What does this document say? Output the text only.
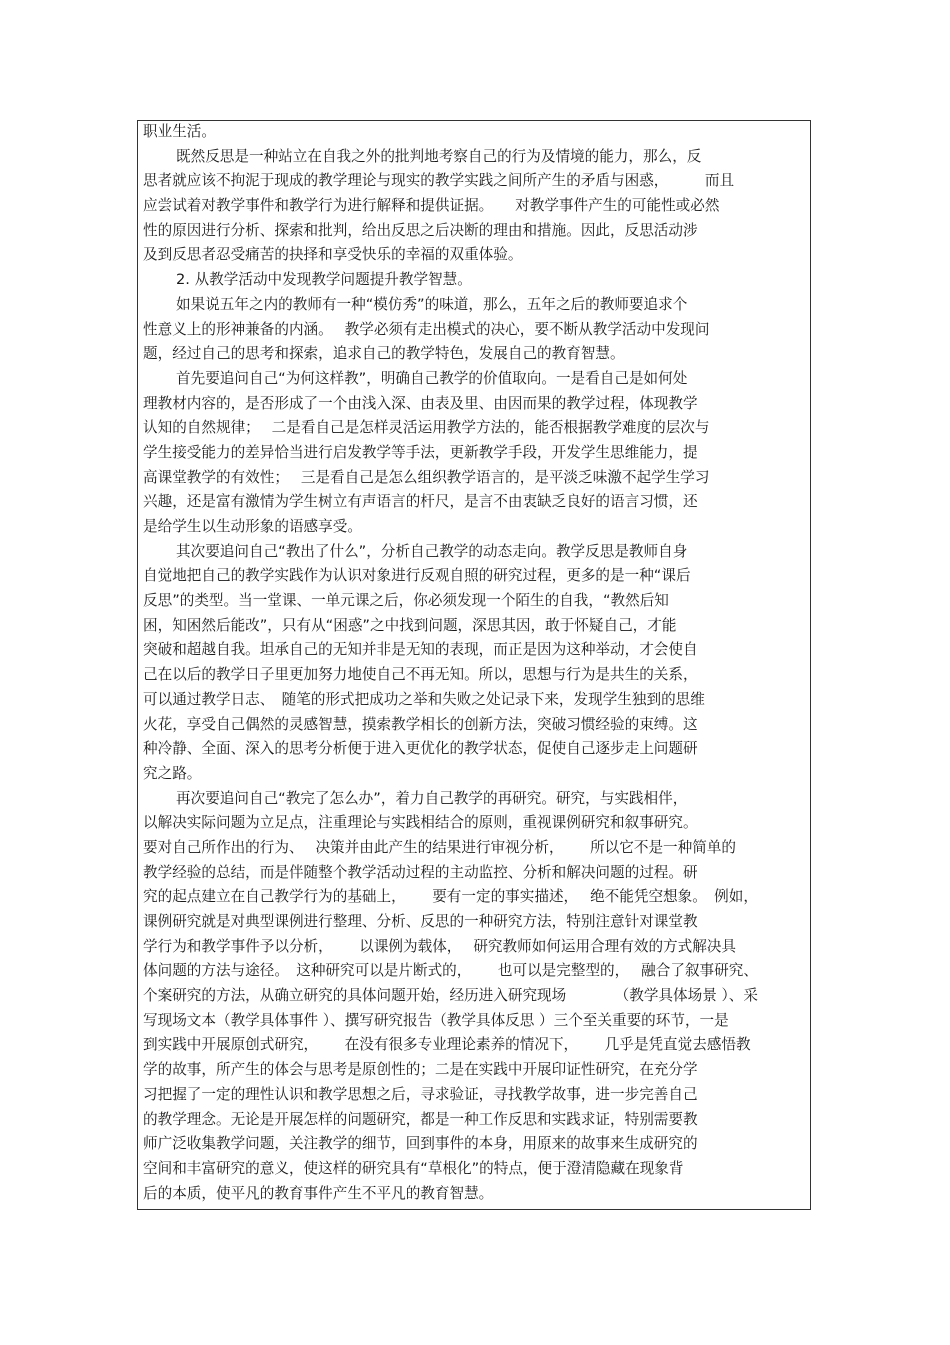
职业生活。
既然反思是一种站立在自我之外的批判地考察自己的行为及情境的能力，那么，反
思者就应该不拘泥于现成的教学理论与现实的教学实践之间所产生的矛盾与困惑，　　　而且
应尝试着对教学事件和教学行为进行解释和提供证据。　　对教学事件产生的可能性或必然
性的原因进行分析、探索和批判，给出反思之后决断的理由和措施。因此，反思活动涉
及到反思者忍受痛苦的抉择和享受快乐的幸福的双重体验。
2. 从教学活动中发现教学问题提升教学智慧。
如果说五年之内的教师有一种“模仿秀”的味道，那么，五年之后的教师要追求个
性意义上的形神兼备的内涵。　 教学必须有走出模式的决心，要不断从教学活动中发现问
题，经过自己的思考和探索，追求自己的教学特色，发展自己的教育智慧。
首先要追问自己“为何这样教”，明确自己教学的价值取向。一是看自己是如何处
理教材内容的，是否形成了一个由浅入深、由表及里、由因而果的教学过程，体现教学
认知的自然规律；　 二是看自己是怎样灵活运用教学方法的，能否根据教学难度的层次与
学生接受能力的差异恰当进行启发教学等手法，更新教学手段，开发学生思维能力，提
高课堂教学的有效性；　 三是看自己是怎么组织教学语言的，是平淡乏味激不起学生学习
兴趣，还是富有激情为学生树立有声语言的杆尺，是言不由衷缺乏良好的语言习惯，还
是给学生以生动形象的语感享受。
其次要追问自己“教出了什么”，分析自己教学的动态走向。教学反思是教师自身
自觉地把自己的教学实践作为认识对象进行反观自照的研究过程，更多的是一种“课后
反思”的类型。当一堂课、一单元课之后，你必须发现一个陌生的自我，“教然后知
困，知困然后能改”，只有从“困惑”之中找到问题，深思其因，敢于怀疑自己，才能
突破和超越自我。坦承自己的无知并非是无知的表现，而正是因为这种举动，才会使自
己在以后的教学日子里更加努力地使自己不再无知。所以，思想与行为是共生的关系，
可以通过教学日志、　随笔的形式把成功之举和失败之处记录下来，发现学生独到的思维
火花，享受自己偶然的灵感智慧，摸索教学相长的创新方法，突破习惯经验的束缚。这
种冷静、全面、深入的思考分析便于进入更优化的教学状态，促使自己逐步走上问题研
究之路。
再次要追问自己“教完了怎么办”，着力自己教学的再研究。研究，与实践相伴，
以解决实际问题为立足点，注重理论与实践相结合的原则，重视课例研究和叙事研究。
要对自己所作出的行为、　 决策并由此产生的结果进行审视分析，　　 所以它不是一种简单的
教学经验的总结，而是伴随整个教学活动过程的主动监控、分析和解决问题的过程。研
究的起点建立在自己教学行为的基础上，　　 要有一定的事实描述，　 绝不能凭空想象。　例如，
课例研究就是对典型课例进行整理、分析、反思的一种研究方法，特别注意针对课堂教
学行为和教学事件予以分析，　　 以课例为载体，　 研究教师如何运用合理有效的方式解决具
体问题的方法与途径。　这种研究可以是片断式的，　　 也可以是完整型的，　 融合了叙事研究、
个案研究的方法，从确立研究的具体问题开始，经历进入研究现场　　　 （教学具体场景 ）、采
写现场文本（教学具体事件 ）、撰写研究报告（教学具体反思 ）三个至关重要的环节，一是
到实践中开展原创式研究，　　 在没有很多专业理论素养的情况下，　　 几乎是凭直觉去感悟教
学的故事，所产生的体会与思考是原创性的；二是在实践中开展印证性研究，在充分学
习把握了一定的理性认识和教学思想之后，寻求验证，寻找教学故事，进一步完善自己
的教学理念。无论是开展怎样的问题研究，都是一种工作反思和实践求证，特别需要教
师广泛收集教学问题，关注教学的细节，回到事件的本身，用原来的故事来生成研究的
空间和丰富研究的意义，使这样的研究具有“草根化”的特点，便于澄清隐藏在现象背
后的本质，使平凡的教育事件产生不平凡的教育智慧。
